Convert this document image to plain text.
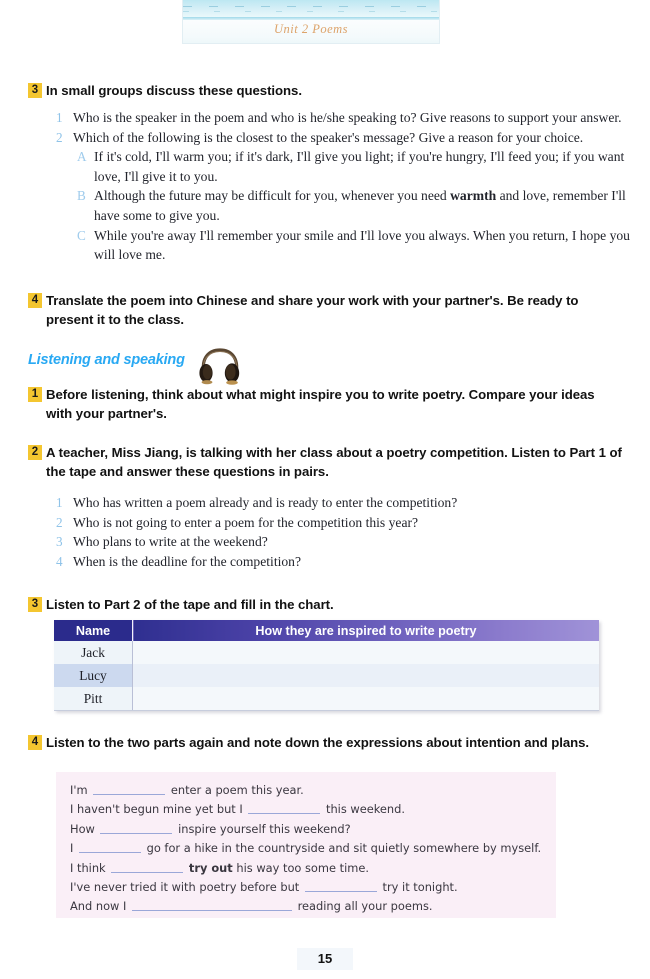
Unit 2 Poems
3 In small groups discuss these questions.
1 Who is the speaker in the poem and who is he/she speaking to? Give reasons to support your answer.
2 Which of the following is the closest to the speaker's message? Give a reason for your choice.
A If it's cold, I'll warm you; if it's dark, I'll give you light; if you're hungry, I'll feed you; if you want love, I'll give it to you.
B Although the future may be difficult for you, whenever you need warmth and love, remember I'll have some to give you.
C While you're away I'll remember your smile and I'll love you always. When you return, I hope you will love me.
4 Translate the poem into Chinese and share your work with your partner's. Be ready to present it to the class.
Listening and speaking
1 Before listening, think about what might inspire you to write poetry. Compare your ideas with your partner's.
2 A teacher, Miss Jiang, is talking with her class about a poetry competition. Listen to Part 1 of the tape and answer these questions in pairs.
1 Who has written a poem already and is ready to enter the competition?
2 Who is not going to enter a poem for the competition this year?
3 Who plans to write at the weekend?
4 When is the deadline for the competition?
3 Listen to Part 2 of the tape and fill in the chart.
Name	How they are inspired to write poetry
Jack	
Lucy	
Pitt	
4 Listen to the two parts again and note down the expressions about intention and plans.
I'm	enter a poem this year.
I haven't begun mine yet but I	this weekend.
How	inspire yourself this weekend?
I	go for a hike in the countryside and sit quietly somewhere by myself.
I think	try out his way too some time.
I've never tried it with poetry before but	try it tonight.
And now I	reading all your poems.
15
